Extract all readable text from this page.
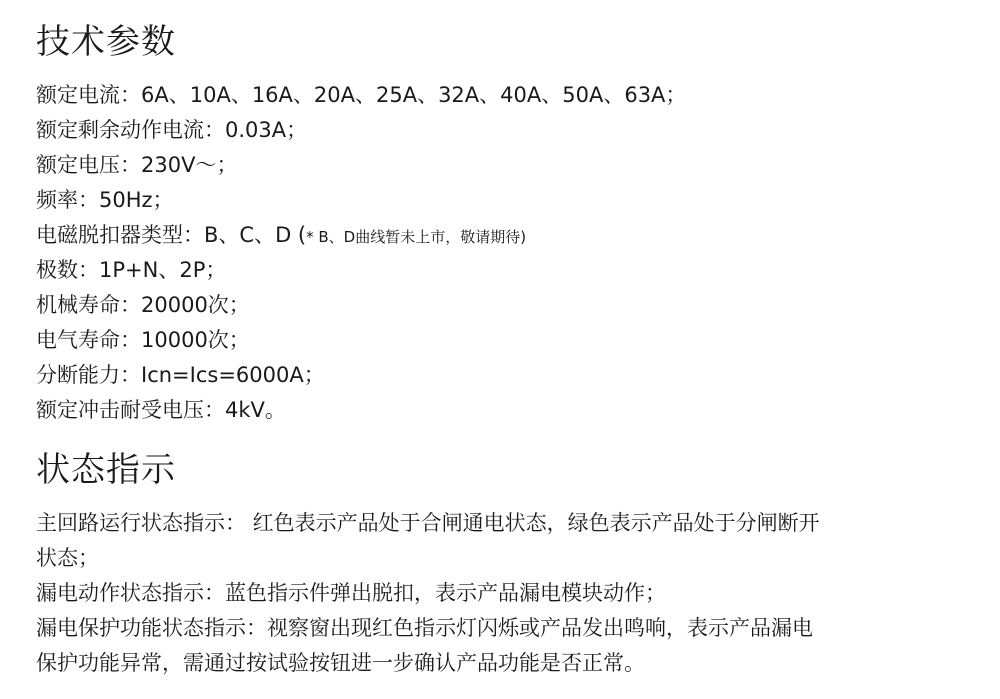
技术参数

额定电流：6A、10A、16A、20A、25A、32A、40A、50A、63A；

额定剩余动作电流：0.03A；

额定电压：230V～；

频率：50Hz；

电磁脱扣器类型：B、C、D (* B、D曲线暂未上市，敬请期待)

极数：1P+N、2P；

机械寿命：20000次；

电气寿命：10000次；

分断能力：Icn=Ics=6000A；

额定冲击耐受电压：4kV。

状态指示

主回路运行状态指示： 红色表示产品处于合闸通电状态，绿色表示产品处于分闸断开

状态；

漏电动作状态指示：蓝色指示件弹出脱扣，表示产品漏电模块动作；

漏电保护功能状态指示：视察窗出现红色指示灯闪烁或产品发出鸣响，表示产品漏电

保护功能异常，需通过按试验按钮进一步确认产品功能是否正常。
